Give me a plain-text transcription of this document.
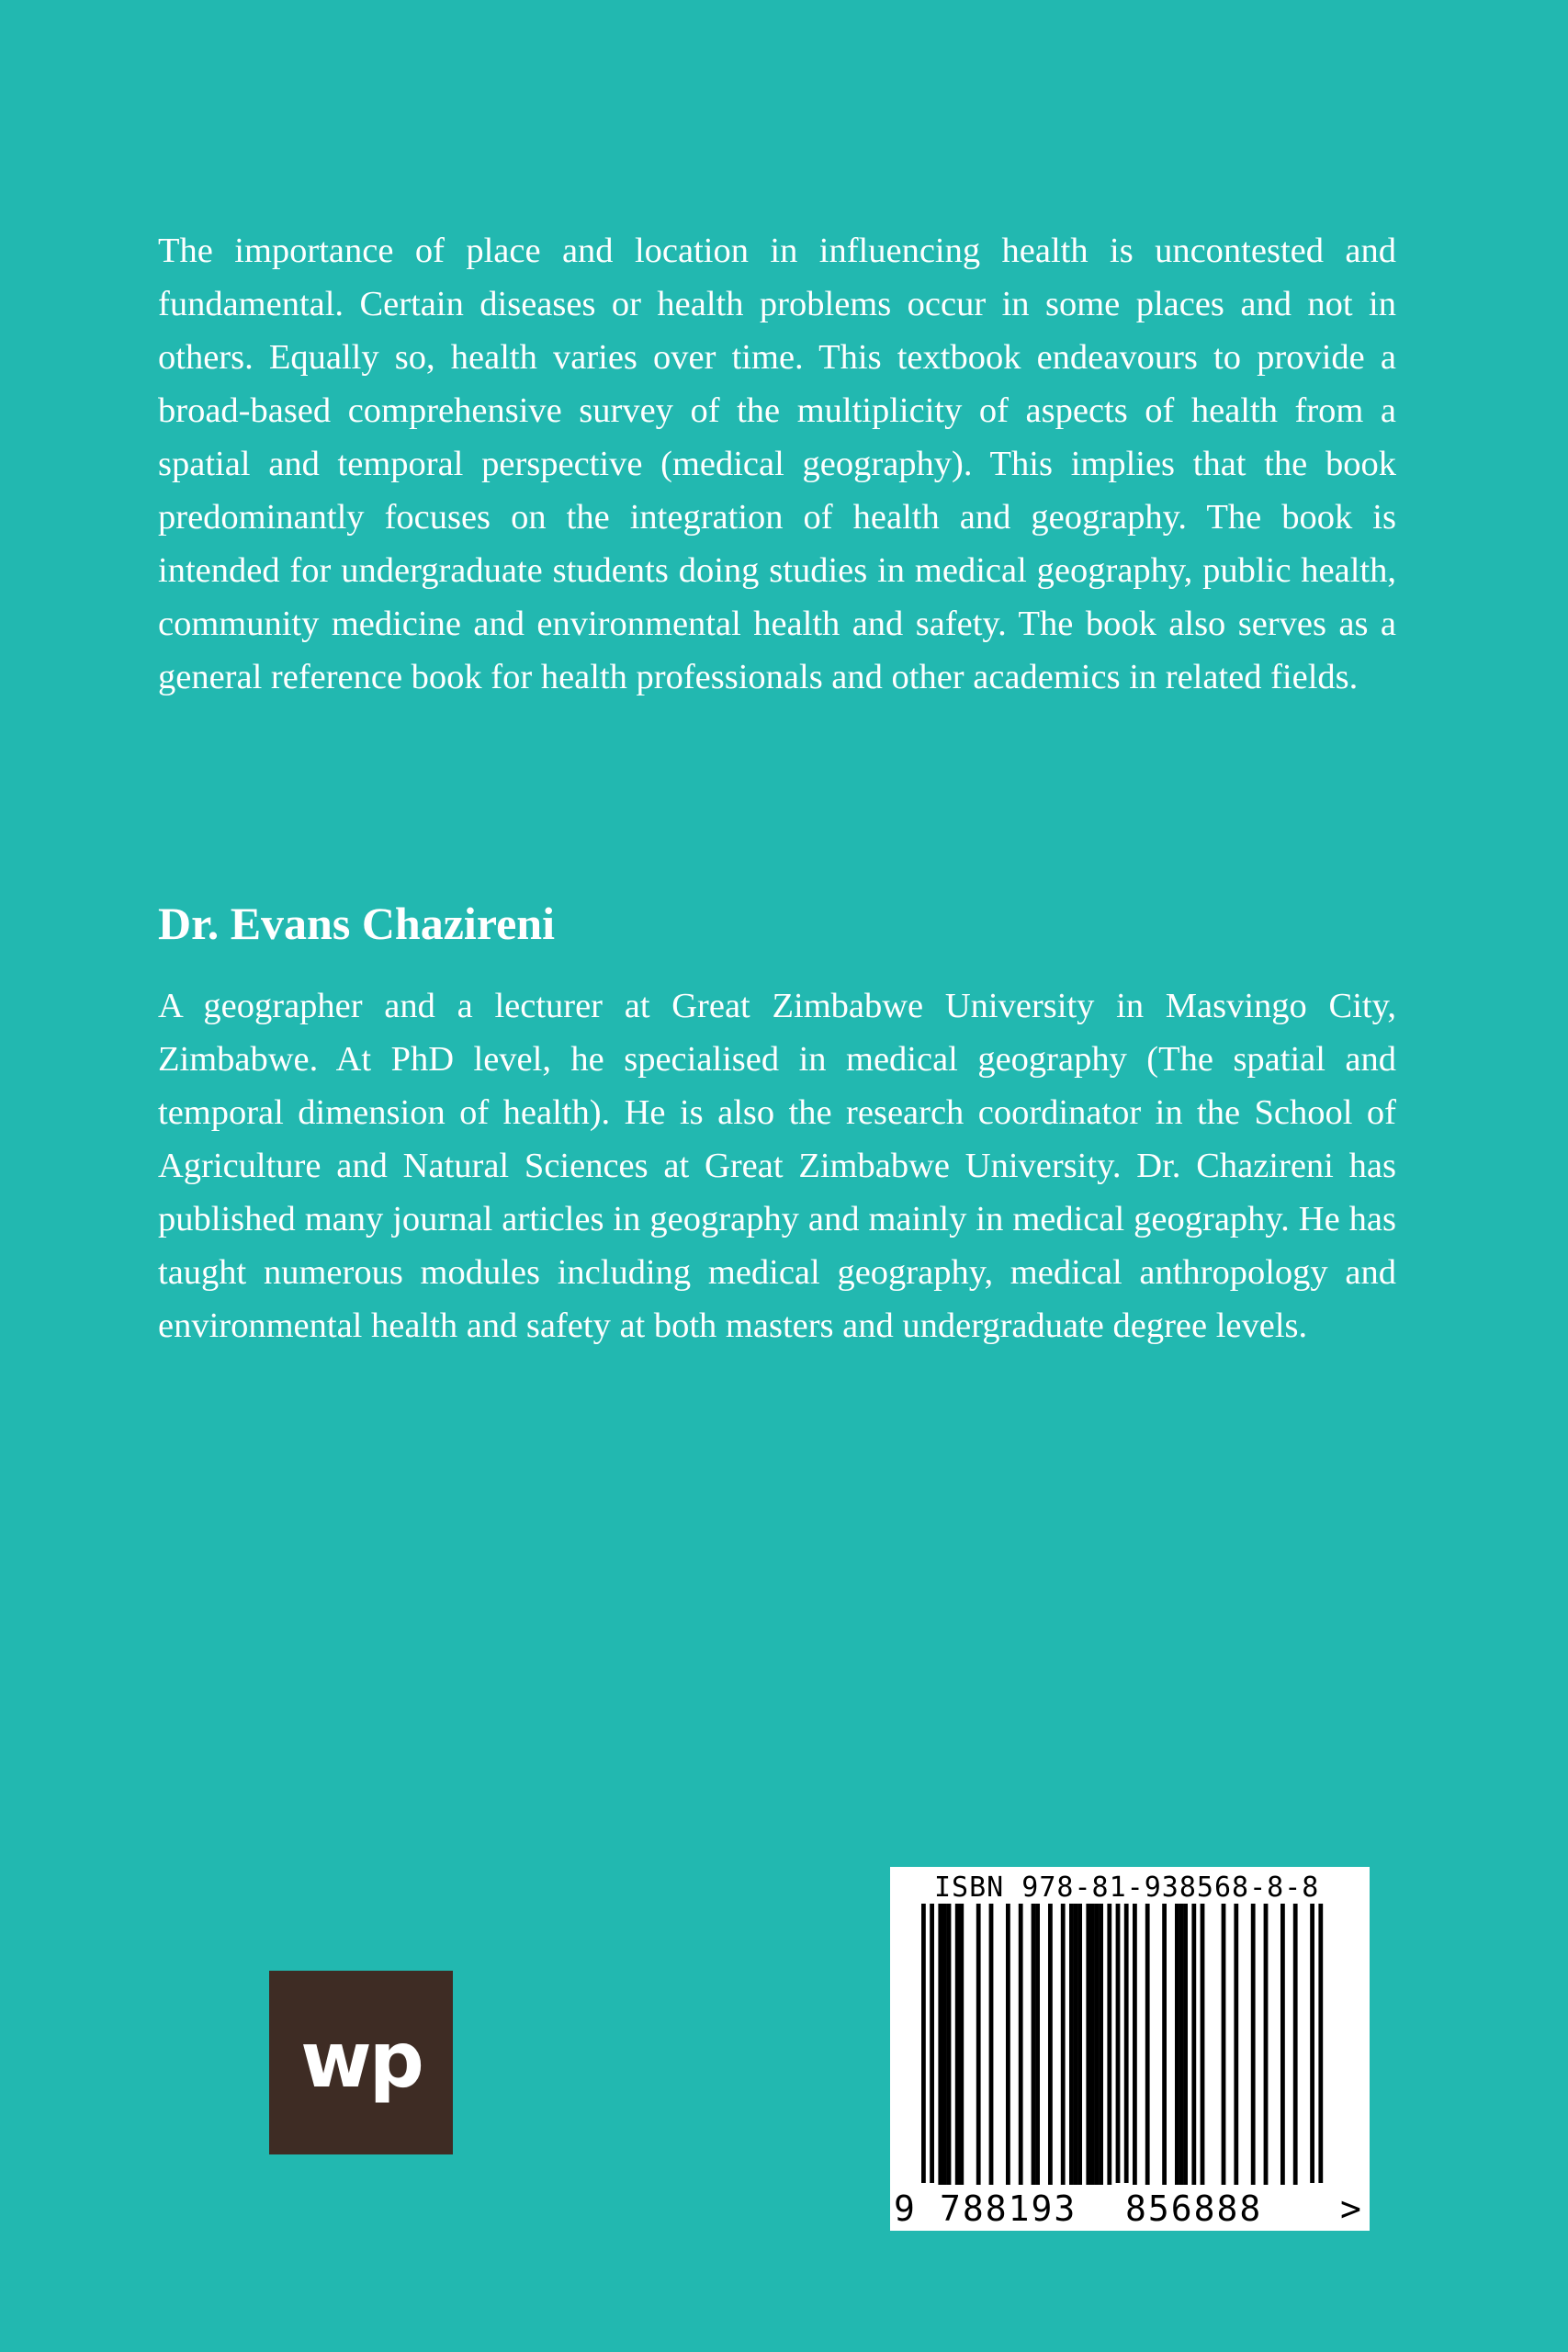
The importance of place and location in influencing health is uncontested and fundamental. Certain diseases or health problems occur in some places and not in others. Equally so, health varies over time. This textbook endeavours to provide a broad-based comprehensive survey of the multiplicity of aspects of health from a spatial and temporal perspective (medical geography). This implies that the book predominantly focuses on the integration of health and geography. The book is intended for undergraduate students doing studies in medical geography, public health, community medicine and environmental health and safety. The book also serves as a general reference book for health professionals and other academics in related fields.

Dr. Evans Chazireni

A geographer and a lecturer at Great Zimbabwe University in Masvingo City, Zimbabwe. At PhD level, he specialised in medical geography (The spatial and temporal dimension of health). He is also the research coordinator in the School of Agriculture and Natural Sciences at Great Zimbabwe University. Dr. Chazireni has published many journal articles in geography and mainly in medical geography. He has taught numerous modules including medical geography, medical anthropology and environmental health and safety at both masters and undergraduate degree levels.

wp
ISBN 978-81-938568-8-8
9 788193 856888 >
